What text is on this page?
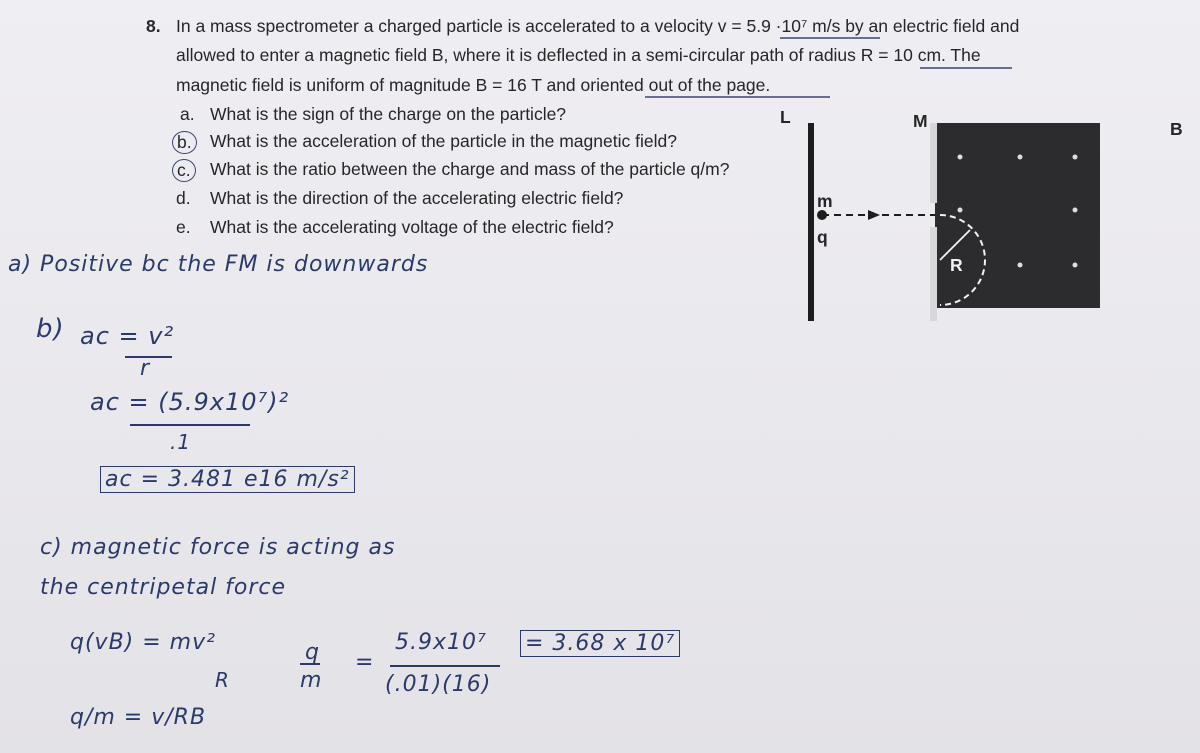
8. In a mass spectrometer a charged particle is accelerated to a velocity v = 5.9 ·10⁷ m/s by an electric field and
allowed to enter a magnetic field B, where it is deflected in a semi-circular path of radius R = 10 cm. The
magnetic field is uniform of magnitude B = 16 T and oriented out of the page.
a. What is the sign of the charge on the particle?
b. What is the acceleration of the particle in the magnetic field?
c. What is the ratio between the charge and mass of the particle q/m?
d. What is the direction of the accelerating electric field?
e. What is the accelerating voltage of the electric field?
L	M	B
m
q
R
a) Positive bc the FM is downwards
b) ac = v²
r
ac = (5.9x10⁷)²
.1
ac = 3.481 e16 m/s²
c) magnetic force is acting as
the centripetal force
q(vB) = mv²
R
q/m = v/RB
q
m
=
5.9x10⁷
(.01)(16)
= 3.68 x 10⁷
